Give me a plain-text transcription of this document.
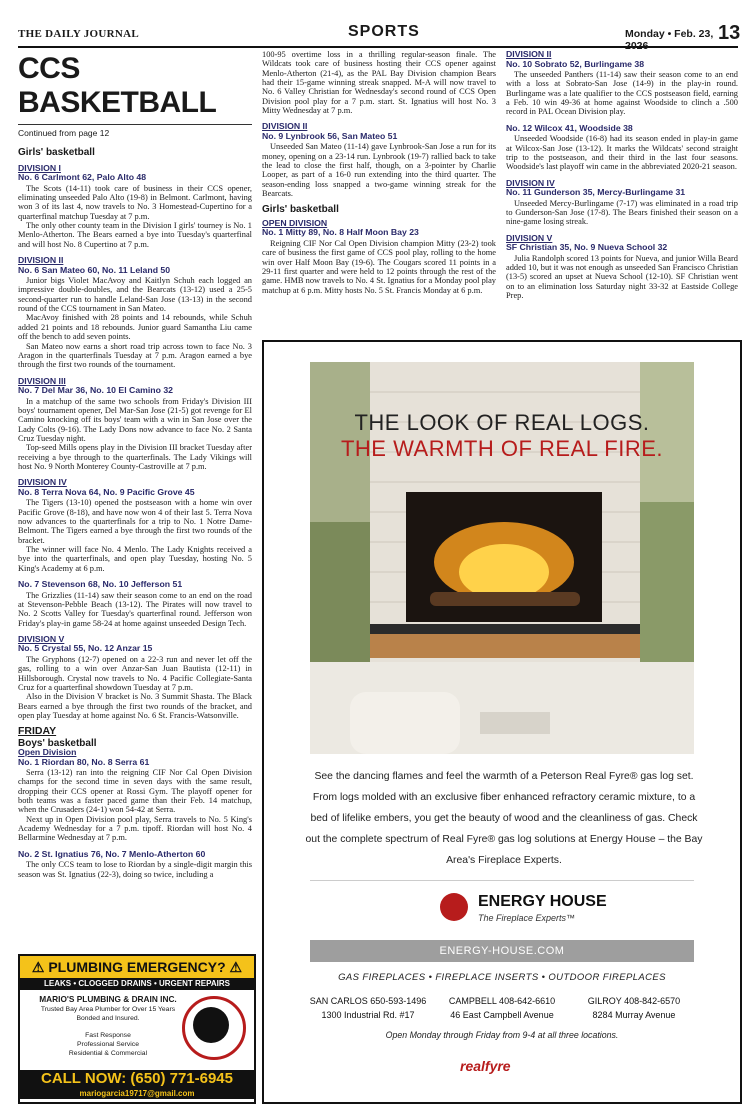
THE DAILY JOURNAL	SPORTS	Monday • Feb. 23, 2026
13
CCS BASKETBALL
Continued from page 12
Girls' basketball
DIVISION I
No. 6 Carlmont 62, Palo Alto 48

The Scots (14-11) took care of business in their CCS opener, eliminating unseeded Palo Alto (19-8) in Belmont. Carlmont, having won 3 of its last 4, now travels to No. 3 Homestead-Cupertino for a quarterfinal matchup Tuesday at 7 p.m.

The only other county team in the Division I girls' tourney is No. 1 Menlo-Atherton. The Bears earned a bye into Tuesday's quarterfinal and will host No. 8 Cupertino at 7 p.m.

DIVISION II
No. 6 San Mateo 60, No. 11 Leland 50

Junior bigs Violet MacAvoy and Kaitlyn Schuh each logged an impressive double-doubles, and the Bearcats (13-12) used a 25-5 second-quarter run to handle Leland-San Jose (13-13) in the second round of the CCS tournament in San Mateo.

MacAvoy finished with 28 points and 14 rebounds, while Schuh added 21 points and 18 rebounds. Junior guard Samantha Liu came off the bench to add seven points.

San Mateo now earns a short road trip across town to face No. 3 Aragon in the quarterfinals Tuesday at 7 p.m. Aragon earned a bye through the first two rounds of the tournament.

DIVISION III
No. 7 Del Mar 36, No. 10 El Camino 32

In a matchup of the same two schools from Friday's Division III boys' tournament opener, Del Mar-San Jose (21-5) got revenge for El Camino knocking off its boys' team with a win in San Jose over the Lady Colts (9-16). The Lady Dons now advance to face No. 2 Santa Cruz Tuesday night.

Top-seed Mills opens play in the Division III bracket Tuesday after receiving a bye through to the quarterfinals. The Lady Vikings will host No. 9 North Monterey County-Castroville at 7 p.m.

DIVISION IV
No. 8 Terra Nova 64, No. 9 Pacific Grove 45

The Tigers (13-10) opened the postseason with a home win over Pacific Grove (8-18), and have now won 4 of their last 5. Terra Nova now advances to the quarterfinals for a trip to No. 1 Notre Dame-Belmont. The Tigers earned a bye through the first two rounds of the bracket.

The winner will face No. 4 Menlo. The Lady Knights received a bye into the quarterfinals, and open play Tuesday, hosting No. 5 King's Academy at 6 p.m.

No. 7 Stevenson 68, No. 10 Jefferson 51

The Grizzlies (11-14) saw their season come to an end on the road at Stevenson-Pebble Beach (13-12). The Pirates will now travel to No. 2 Scotts Valley for Tuesday's quarterfinal round. Jefferson won Friday's play-in game 58-24 at home against unseeded Design Tech.

DIVISION V
No. 5 Crystal 55, No. 12 Anzar 15

The Gryphons (12-7) opened on a 22-3 run and never let off the gas, rolling to a win over Anzar-San Juan Bautista (12-11) in Hillsborough. Crystal now travels to No. 4 Pacific Collegiate-Santa Cruz for a quarterfinal showdown Tuesday at 7 p.m.

Also in the Division V bracket is No. 3 Summit Shasta. The Black Bears earned a bye through the first two rounds of the bracket, and open play Tuesday at home against No. 6 St. Francis-Watsonville.

FRIDAY
Boys' basketball
Open Division
No. 1 Riordan 80, No. 8 Serra 61

Serra (13-12) ran into the reigning CIF Nor Cal Open Division champs for the second time in seven days with the same result, dropping their CCS opener at Rossi Gym. The playoff opener for both teams was a faster paced game than their Feb. 14 matchup, when the Crusaders (24-1) won 54-42 at Serra.

Next up in Open Division pool play, Serra travels to No. 5 King's Academy Wednesday for a 7 p.m. tipoff. Riordan will host No. 4 Bellarmine Wednesday at 7 p.m.

No. 2 St. Ignatius 76, No. 7 Menlo-Atherton 60

The only CCS team to lose to Riordan by a single-digit margin this season was St. Ignatius (22-3), doing so twice, including a

100-95 overtime loss in a thrilling regular-season finale. The Wildcats took care of business hosting their CCS opener against Menlo-Atherton (21-4), as the PAL Bay Division champion Bears had their 15-game winning streak snapped. M-A will now travel to No. 6 Valley Christian for Wednesday's second round of CCS Open Division pool play for a 7 p.m. start. St. Ignatius will host No. 3 Mitty Wednesday at 7 p.m.

DIVISION II
No. 9 Lynbrook 56, San Mateo 51

Unseeded San Mateo (11-14) gave Lynbrook-San Jose a run for its money, opening on a 23-14 run. Lynbrook (19-7) rallied back to take the lead to close the first half, though, on a 3-pointer by Charlie Looper, as part of a 16-0 run extending into the third quarter. The season-ending loss snapped a two-game winning streak for the Bearcats.

Girls' basketball
OPEN DIVISION
No. 1 Mitty 89, No. 8 Half Moon Bay 23

Reigning CIF Nor Cal Open Division champion Mitty (23-2) took care of business the first game of CCS pool play, rolling to the home win over Half Moon Bay (19-6). The Cougars scored 11 points in a 29-11 first quarter and were held to 12 points through the rest of the game. HMB now travels to No. 4 St. Ignatius for a Monday pool play matchup at 6 p.m. Mitty hosts No. 5 St. Francis Monday at 6 p.m.

DIVISION II
No. 10 Sobrato 52, Burlingame 38

The unseeded Panthers (11-14) saw their season come to an end with a loss at Sobrato-San Jose (14-9) in the play-in round. Burlingame was a late qualifier to the CCS postseason field, earning a Feb. 10 win 49-36 at home against Woodside to clinch a .500 record in PAL Ocean Division play.

No. 12 Wilcox 41, Woodside 38

Unseeded Woodside (16-8) had its season ended in play-in game at Wilcox-San Jose (13-12). It marks the Wildcats' second straight trip to the postseason, and their third in the last four seasons. Woodside's last playoff win came in the abbreviated 2020-21 season.

DIVISION IV
No. 11 Gunderson 35, Mercy-Burlingame 31

Unseeded Mercy-Burlingame (7-17) was eliminated in a road trip to Gunderson-San Jose (17-8). The Bears finished their season on a nine-game losing streak.

DIVISION V
SF Christian 35, No. 9 Nueva School 32

Julia Randolph scored 13 points for Nueva, and junior Willa Beard added 10, but it was not enough as unseeded San Francisco Christian (13-5) scored an upset at Nueva School (12-10). SF Christian went on to an elimination loss Saturday night 33-32 at Eastside College Prep.

⚠ PLUMBING EMERGENCY? ⚠
LEAKS • CLOGGED DRAINS • URGENT REPAIRS
MARIO'S PLUMBING & DRAIN INC.
Trusted Bay Area Plumber for Over 15 Years
Bonded and Insured.
Fast Response
Professional Service
Residential & Commercial
CALL NOW: (650) 771-6945
mariogarcia19717@gmail.com
THE LOOK OF REAL LOGS.
THE WARMTH OF REAL FIRE.
See the dancing flames and feel the warmth of a Peterson Real Fyre® gas log set. From logs molded with an exclusive fiber enhanced refractory ceramic mixture, to a bed of lifelike embers, you get the beauty of wood and the cleanliness of gas. Check out the complete spectrum of Real Fyre® gas log solutions at Energy House – the Bay Area's Fireplace Experts.
ENERGY HOUSE
The Fireplace Experts™
ENERGY-HOUSE.COM
GAS FIREPLACES • FIREPLACE INSERTS • OUTDOOR FIREPLACES
SAN CARLOS 650-593-1496
1300 Industrial Rd. #17
CAMPBELL 408-642-6610
46 East Campbell Avenue
GILROY 408-842-6570
8284 Murray Avenue
Open Monday through Friday from 9-4 at all three locations.
realfyre
